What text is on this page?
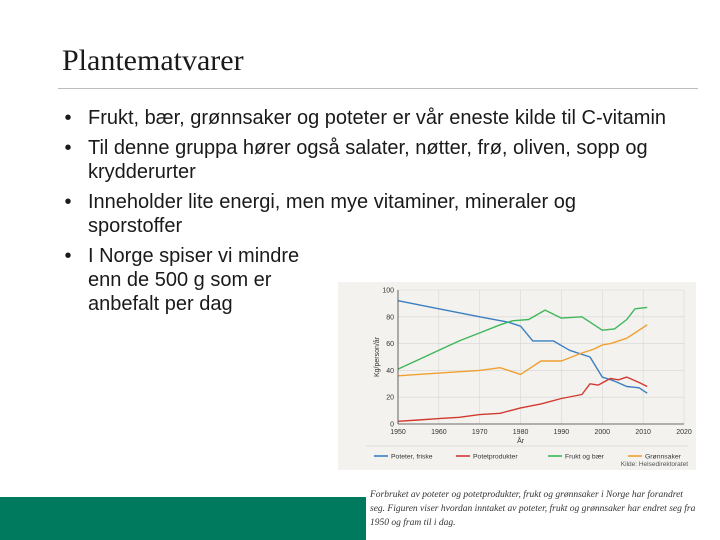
Plantematvarer
• Frukt, bær, grønnsaker og poteter er vår eneste kilde til C-vitamin
• Til denne gruppa hører også salater, nøtter, frø, oliven, sopp og krydderurter
• Inneholder lite energi, men mye vitaminer, mineraler og sporstoffer
• I Norge spiser vi mindre enn de 500 g som er anbefalt per dag
0
20
40
60
80
100
1950	1960	1970	1980	1990	2000	2010	2020
År
Kg/person/år
Poteter, friske	Potetprodukter	Frukt og bær	Grønnsaker
Kilde: Helsedirektoratet
Forbruket av poteter og potetprodukter, frukt og grønnsaker i Norge har forandret seg. Figuren viser hvordan inntaket av poteter, frukt og grønnsaker har endret seg fra 1950 og fram til i dag.
